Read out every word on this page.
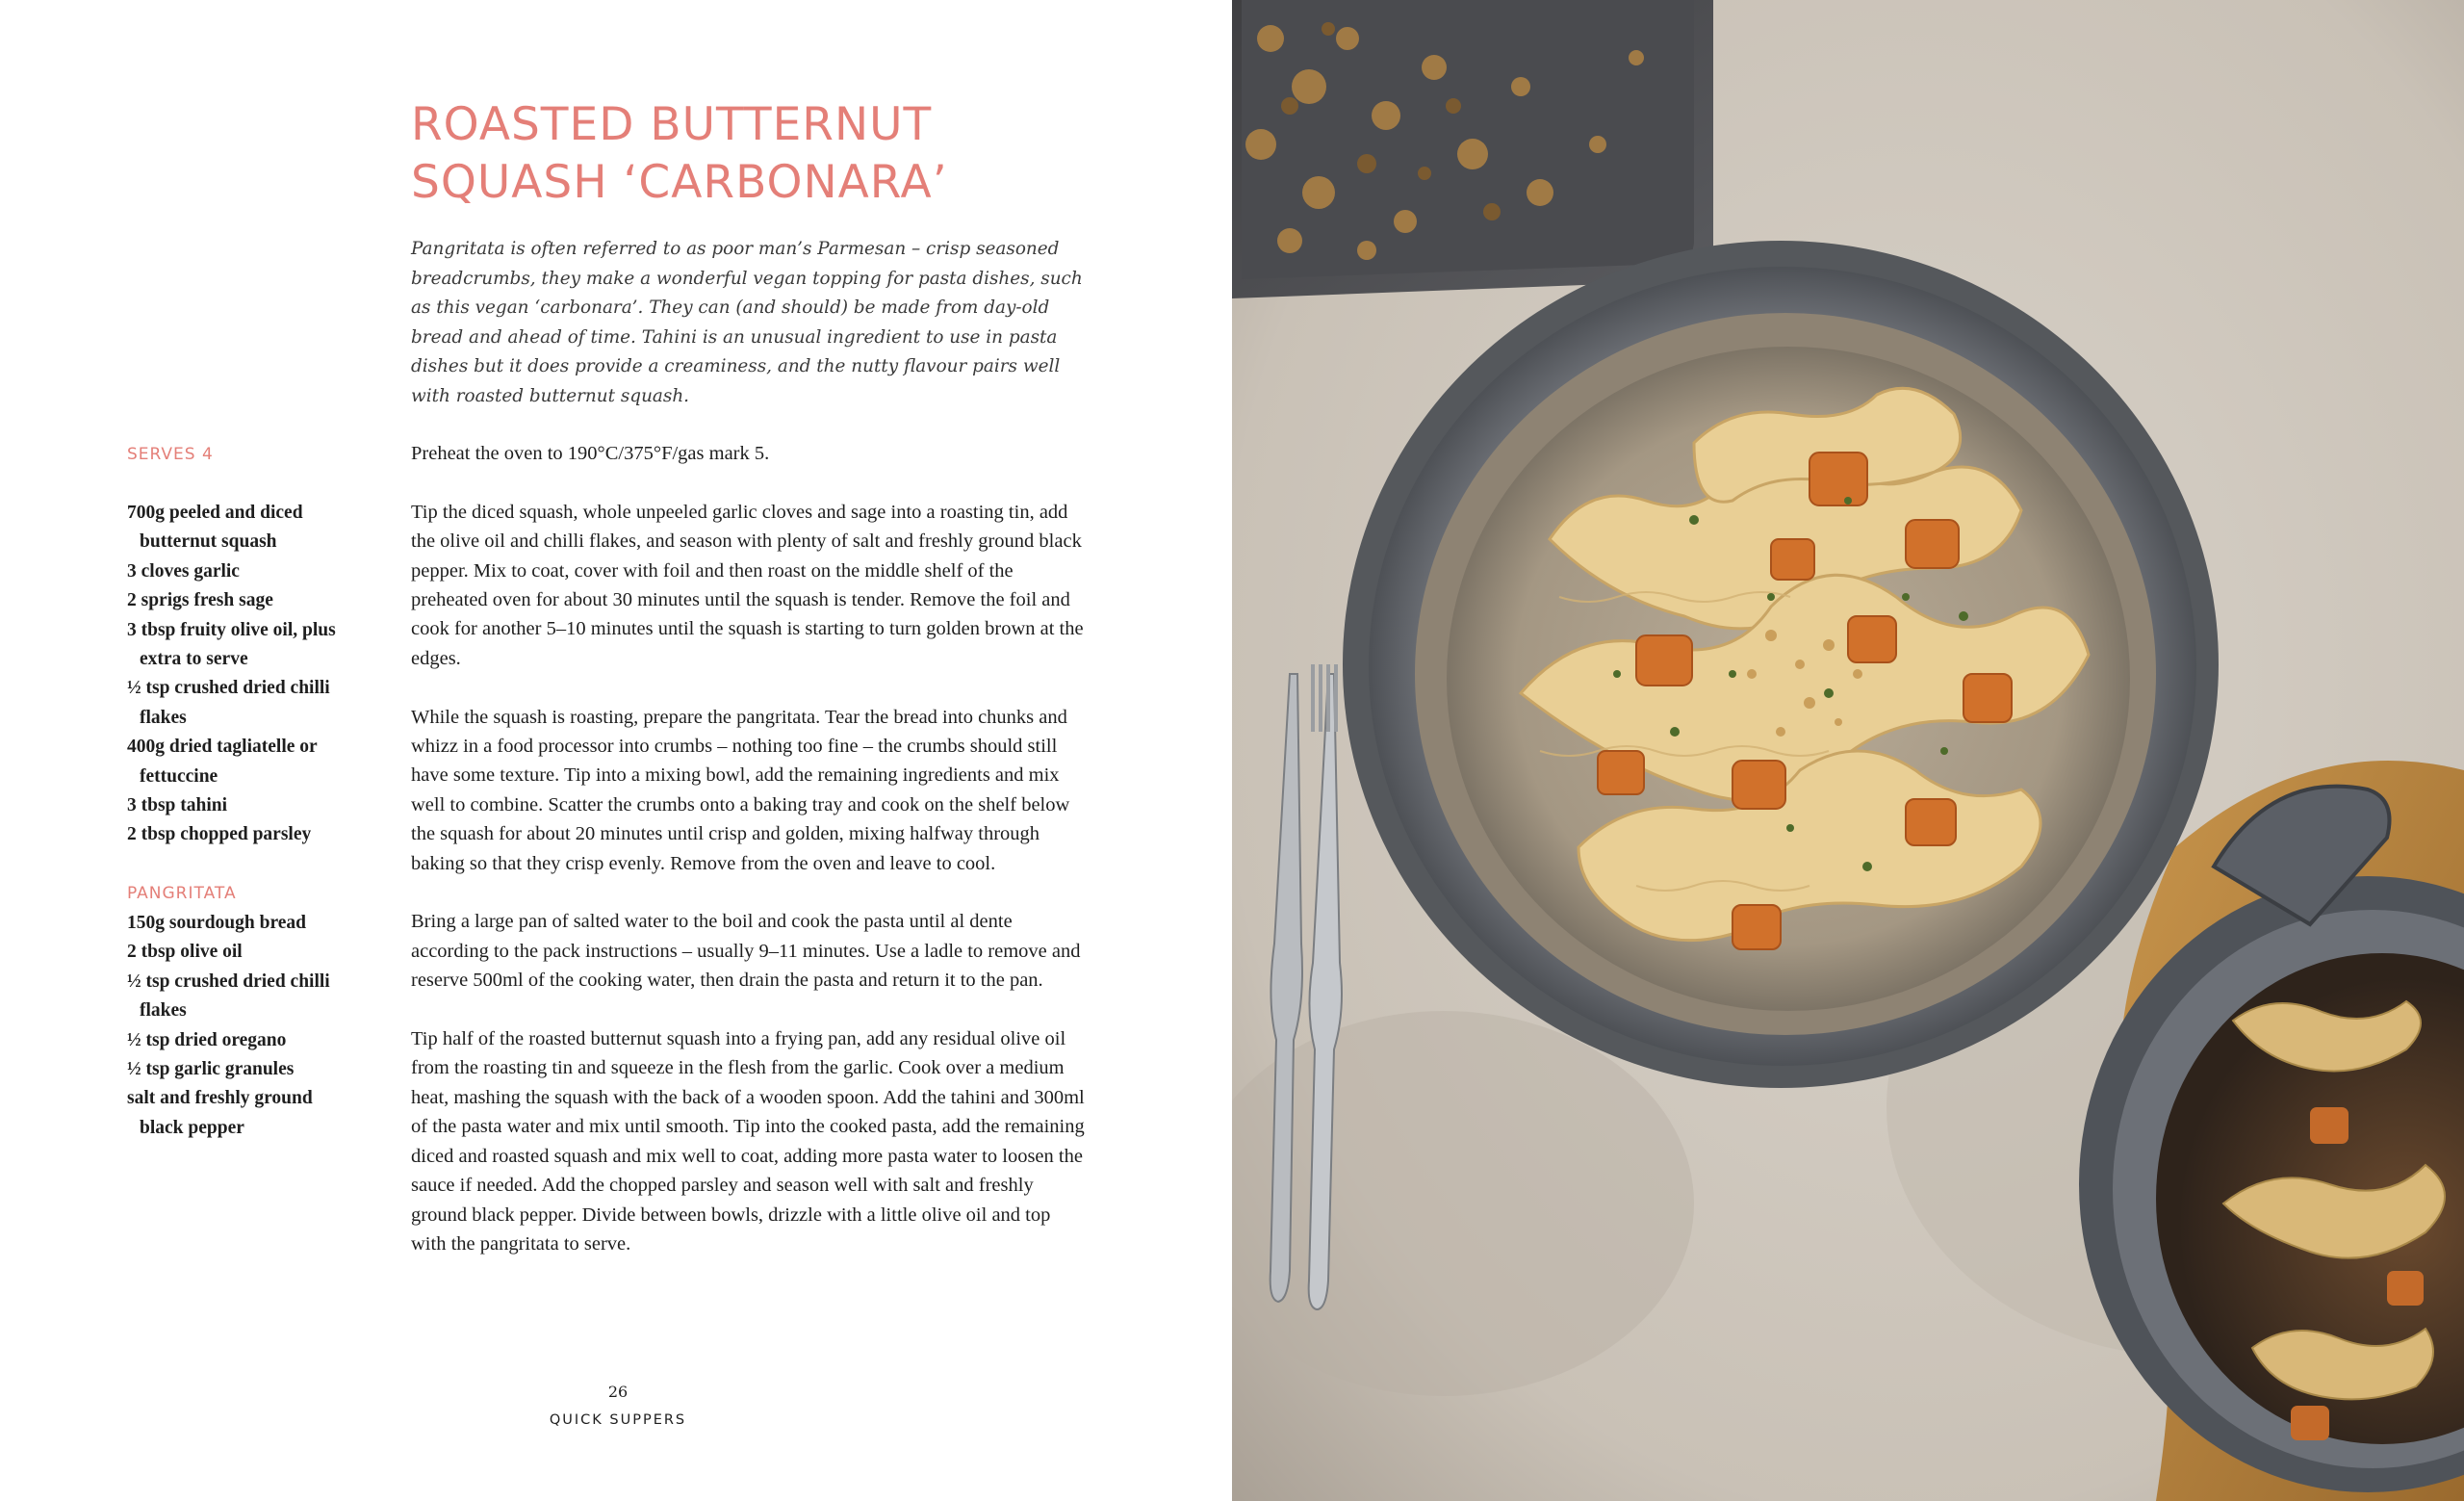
ROASTED BUTTERNUT
SQUASH ‘CARBONARA’

Pangritata is often referred to as poor man’s Parmesan – crisp seasoned breadcrumbs, they make a wonderful vegan topping for pasta dishes, such as this vegan ‘carbonara’. They can (and should) be made from day-old bread and ahead of time. Tahini is an unusual ingredient to use in pasta dishes but it does provide a creaminess, and the nutty flavour pairs well with roasted butternut squash.

SERVES 4
700g peeled and diced butternut squash
3 cloves garlic
2 sprigs fresh sage
3 tbsp fruity olive oil, plus extra to serve
½ tsp crushed dried chilli flakes
400g dried tagliatelle or fettuccine
3 tbsp tahini
2 tbsp chopped parsley
PANGRITATA
150g sourdough bread
2 tbsp olive oil
½ tsp crushed dried chilli flakes
½ tsp dried oregano
½ tsp garlic granules
salt and freshly ground black pepper

Preheat the oven to 190°C/375°F/gas mark 5.

Tip the diced squash, whole unpeeled garlic cloves and sage into a roasting tin, add the olive oil and chilli flakes, and season with plenty of salt and freshly ground black pepper. Mix to coat, cover with foil and then roast on the middle shelf of the preheated oven for about 30 minutes until the squash is tender. Remove the foil and cook for another 5–10 minutes until the squash is starting to turn golden brown at the edges.

While the squash is roasting, prepare the pangritata. Tear the bread into chunks and whizz in a food processor into crumbs – nothing too fine – the crumbs should still have some texture. Tip into a mixing bowl, add the remaining ingredients and mix well to combine. Scatter the crumbs onto a baking tray and cook on the shelf below the squash for about 20 minutes until crisp and golden, mixing halfway through baking so that they crisp evenly. Remove from the oven and leave to cool.

Bring a large pan of salted water to the boil and cook the pasta until al dente according to the pack instructions – usually 9–11 minutes. Use a ladle to remove and reserve 500ml of the cooking water, then drain the pasta and return it to the pan.

Tip half of the roasted butternut squash into a frying pan, add any residual olive oil from the roasting tin and squeeze in the flesh from the garlic. Cook over a medium heat, mashing the squash with the back of a wooden spoon. Add the tahini and 300ml of the pasta water and mix until smooth. Tip into the cooked pasta, add the remaining diced and roasted squash and mix well to coat, adding more pasta water to loosen the sauce if needed. Add the chopped parsley and season well with salt and freshly ground black pepper. Divide between bowls, drizzle with a little olive oil and top with the pangritata to serve.

26
QUICK SUPPERS
